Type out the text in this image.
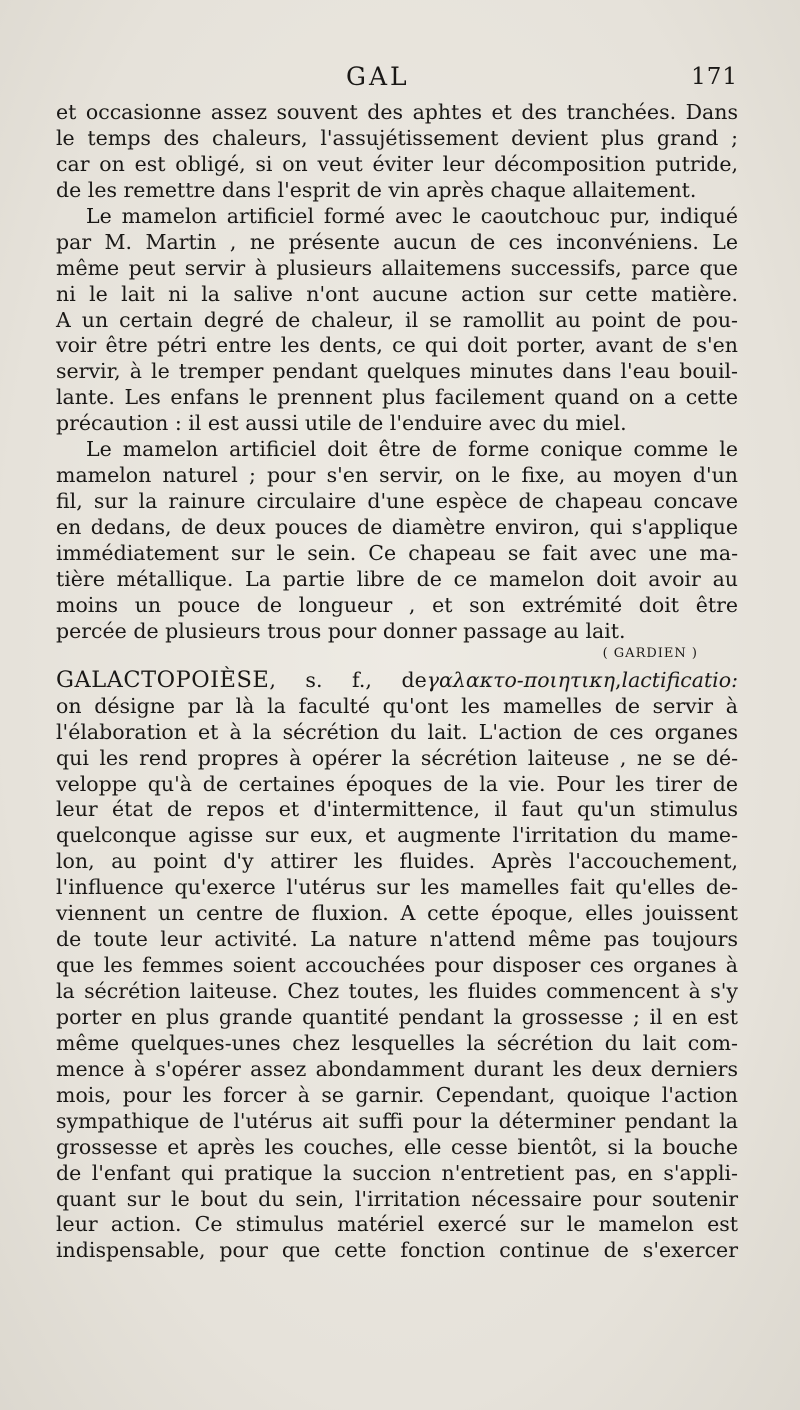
GAL	171
et occasionne assez souvent des aphtes et des tranchées. Dans
le temps des chaleurs, l'assujétissement devient plus grand ;
car on est obligé, si on veut éviter leur décomposition putride,
de les remettre dans l'esprit de vin après chaque allaitement.
Le mamelon artificiel formé avec le caoutchouc pur, indiqué
par M. Martin , ne présente aucun de ces inconvéniens. Le
même peut servir à plusieurs allaitemens successifs, parce que
ni le lait ni la salive n'ont aucune action sur cette matière.
A un certain degré de chaleur, il se ramollit au point de pou-
voir être pétri entre les dents, ce qui doit porter, avant de s'en
servir, à le tremper pendant quelques minutes dans l'eau bouil-
lante. Les enfans le prennent plus facilement quand on a cette
précaution : il est aussi utile de l'enduire avec du miel.
Le mamelon artificiel doit être de forme conique comme le
mamelon naturel ; pour s'en servir, on le fixe, au moyen d'un
fil, sur la rainure circulaire d'une espèce de chapeau concave
en dedans, de deux pouces de diamètre environ, qui s'applique
immédiatement sur le sein. Ce chapeau se fait avec une ma-
tière métallique. La partie libre de ce mamelon doit avoir au
moins un pouce de longueur , et son extrémité doit être
percée de plusieurs trous pour donner passage au lait.
( GARDIEN )
GALACTOPOIÈSE, s. f., deγαλακτο-ποιητικη,lactificatio:
on désigne par là la faculté qu'ont les mamelles de servir à
l'élaboration et à la sécrétion du lait. L'action de ces organes
qui les rend propres à opérer la sécrétion laiteuse , ne se dé-
veloppe qu'à de certaines époques de la vie. Pour les tirer de
leur état de repos et d'intermittence, il faut qu'un stimulus
quelconque agisse sur eux, et augmente l'irritation du mame-
lon, au point d'y attirer les fluides. Après l'accouchement,
l'influence qu'exerce l'utérus sur les mamelles fait qu'elles de-
viennent un centre de fluxion. A cette époque, elles jouissent
de toute leur activité. La nature n'attend même pas toujours
que les femmes soient accouchées pour disposer ces organes à
la sécrétion laiteuse. Chez toutes, les fluides commencent à s'y
porter en plus grande quantité pendant la grossesse ; il en est
même quelques-unes chez lesquelles la sécrétion du lait com-
mence à s'opérer assez abondamment durant les deux derniers
mois, pour les forcer à se garnir. Cependant, quoique l'action
sympathique de l'utérus ait suffi pour la déterminer pendant la
grossesse et après les couches, elle cesse bientôt, si la bouche
de l'enfant qui pratique la succion n'entretient pas, en s'appli-
quant sur le bout du sein, l'irritation nécessaire pour soutenir
leur action. Ce stimulus matériel exercé sur le mamelon est
indispensable, pour que cette fonction continue de s'exercer
